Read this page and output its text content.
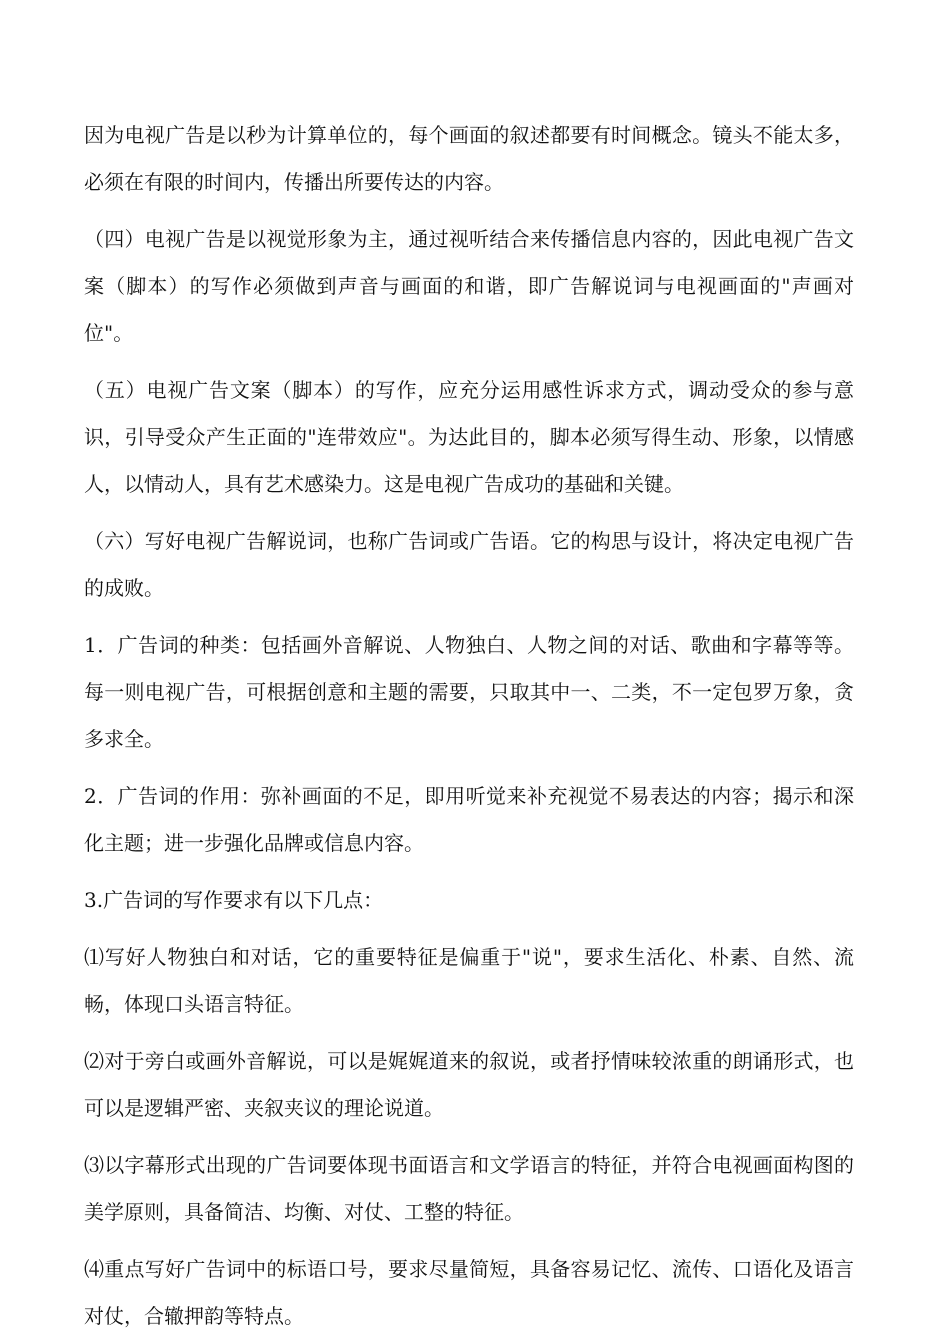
因为电视广告是以秒为计算单位的，每个画面的叙述都要有时间概念。镜头不能太多，必须在有限的时间内，传播出所要传达的内容。

（四）电视广告是以视觉形象为主，通过视听结合来传播信息内容的，因此电视广告文案（脚本）的写作必须做到声音与画面的和谐，即广告解说词与电视画面的"声画对位"。

（五）电视广告文案（脚本）的写作，应充分运用感性诉求方式，调动受众的参与意识，引导受众产生正面的"连带效应"。为达此目的，脚本必须写得生动、形象，以情感人，以情动人，具有艺术感染力。这是电视广告成功的基础和关键。

（六）写好电视广告解说词，也称广告词或广告语。它的构思与设计，将决定电视广告的成败。

1．广告词的种类：包括画外音解说、人物独白、人物之间的对话、歌曲和字幕等等。每一则电视广告，可根据创意和主题的需要，只取其中一、二类，不一定包罗万象，贪多求全。

2．广告词的作用：弥补画面的不足，即用听觉来补充视觉不易表达的内容；揭示和深化主题；进一步强化品牌或信息内容。

3.广告词的写作要求有以下几点：

⑴写好人物独白和对话，它的重要特征是偏重于"说"，要求生活化、朴素、自然、流畅，体现口头语言特征。

⑵对于旁白或画外音解说，可以是娓娓道来的叙说，或者抒情味较浓重的朗诵形式，也可以是逻辑严密、夹叙夹议的理论说道。

⑶以字幕形式出现的广告词要体现书面语言和文学语言的特征，并符合电视画面构图的美学原则，具备简洁、均衡、对仗、工整的特征。

⑷重点写好广告词中的标语口号，要求尽量简短，具备容易记忆、流传、口语化及语言对仗，合辙押韵等特点。
